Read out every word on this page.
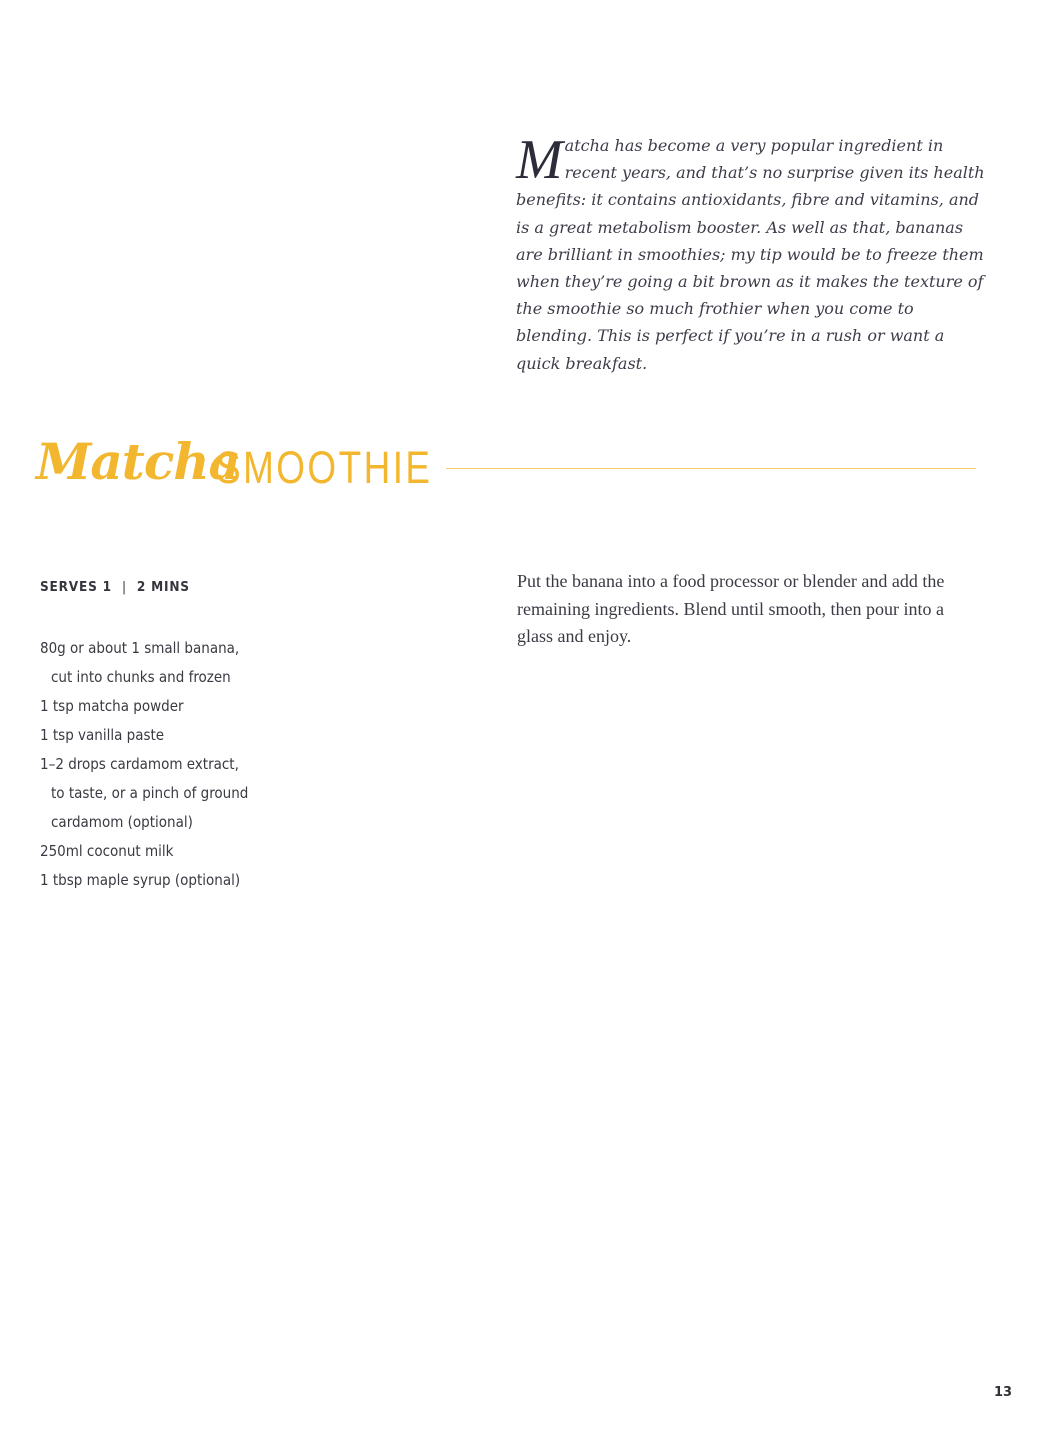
Matcha has become a very popular ingredient in recent years, and that’s no surprise given its health benefits: it contains antioxidants, fibre and vitamins, and is a great metabolism booster. As well as that, bananas are brilliant in smoothies; my tip would be to freeze them when they’re going a bit brown as it makes the texture of the smoothie so much frothier when you come to blending. This is perfect if you’re in a rush or want a quick breakfast.
Matcha
SMOOTHIE
SERVES 1 | 2 MINS
80g or about 1 small banana,
cut into chunks and frozen
1 tsp matcha powder
1 tsp vanilla paste
1–2 drops cardamom extract,
to taste, or a pinch of ground
cardamom (optional)
250ml coconut milk
1 tbsp maple syrup (optional)
Put the banana into a food processor or blender and add the remaining ingredients. Blend until smooth, then pour into a glass and enjoy.
13
